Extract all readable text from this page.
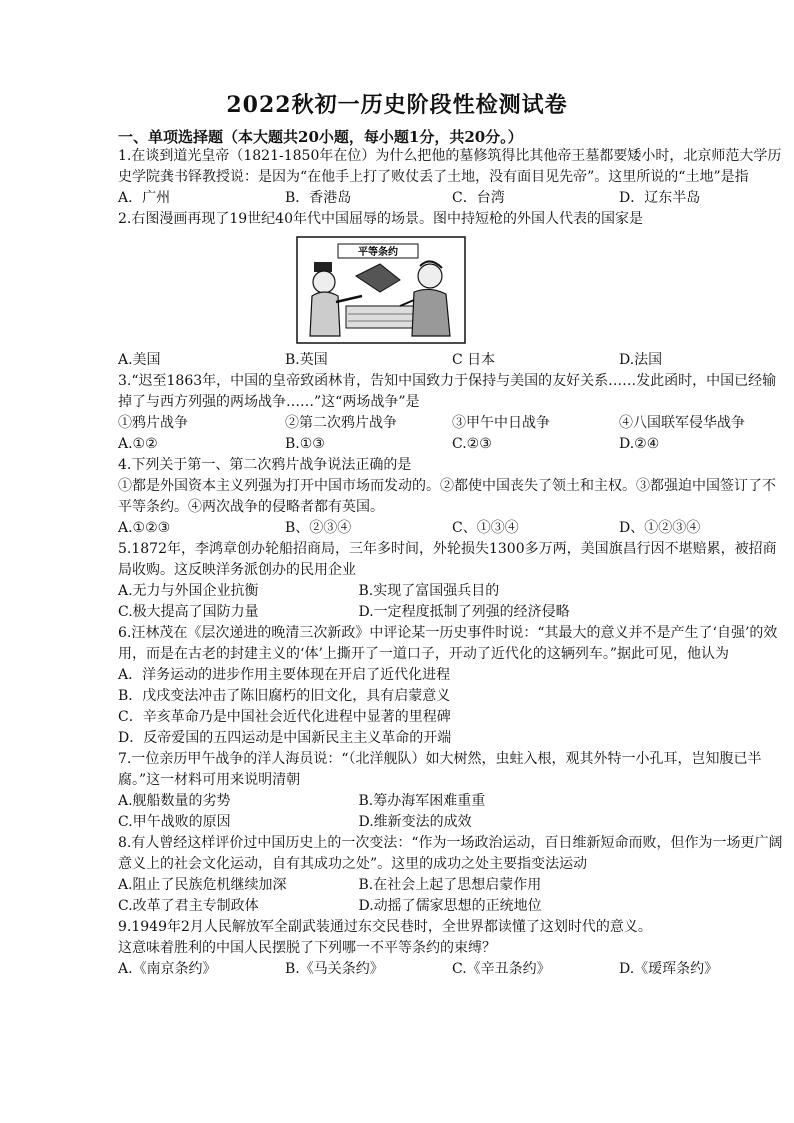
2022秋初一历史阶段性检测试卷
一、单项选择题（本大题共20小题，每小题1分，共20分。）

1.在谈到道光皇帝（1821-1850年在位）为什么把他的墓修筑得比其他帝王墓都要矮小时，北京师范大学历史学院龚书铎教授说：是因为“在他手上打了败仗丢了土地，没有面目见先帝”。这里所说的“土地”是指

A．广州	B．香港岛	C．台湾	D．辽东半岛

2.右图漫画再现了19世纪40年代中国屈辱的场景。图中持短枪的外国人代表的国家是

平等条约
A.美国	B.英国	C 日本	D.法国

3.“迟至1863年，中国的皇帝致函林肯，告知中国致力于保持与美国的友好关系……发此函时，中国已经输掉了与西方列强的两场战争……”这“两场战争”是

①鸦片战争	②第二次鸦片战争	③甲午中日战争	④八国联军侵华战争
A.①②	B.①③	C.②③	D.②④

4.下列关于第一、第二次鸦片战争说法正确的是

①都是外国资本主义列强为打开中国市场而发动的。②都使中国丧失了领土和主权。③都强迫中国签订了不平等条约。④两次战争的侵略者都有英国。

A.①②③	B、②③④	C、①③④	D、①②③④

5.1872年，李鸿章创办轮船招商局，三年多时间，外轮损失1300多万两，美国旗昌行因不堪赔累，被招商局收购。这反映洋务派创办的民用企业

A.无力与外国企业抗衡	B.实现了富国强兵目的
C.极大提高了国防力量	D.一定程度抵制了列强的经济侵略

6.汪林茂在《层次递进的晚清三次新政》中评论某一历史事件时说：“其最大的意义并不是产生了‘自强’的效用，而是在古老的封建主义的‘体’上撕开了一道口子，开动了近代化的这辆列车。”据此可见，他认为

A．洋务运动的进步作用主要体现在开启了近代化进程

B．戊戌变法冲击了陈旧腐朽的旧文化，具有启蒙意义

C．辛亥革命乃是中国社会近代化进程中显著的里程碑

D．反帝爱国的五四运动是中国新民主主义革命的开端

7.一位亲历甲午战争的洋人海员说：“（北洋舰队）如大树然，虫蛀入根，观其外特一小孔耳，岂知腹已半腐。”这一材料可用来说明清朝

A.舰船数量的劣势	B.筹办海军困难重重
C.甲午战败的原因	D.维新变法的成效

8.有人曾经这样评价过中国历史上的一次变法：“作为一场政治运动，百日维新短命而败，但作为一场更广阔意义上的社会文化运动，自有其成功之处”。这里的成功之处主要指变法运动

A.阻止了民族危机继续加深	B.在社会上起了思想启蒙作用
C.改革了君主专制政体	D.动摇了儒家思想的正统地位

9.1949年2月人民解放军全副武装通过东交民巷时，全世界都读懂了这划时代的意义。

这意味着胜利的中国人民摆脱了下列哪一不平等条约的束缚？

A.《南京条约》	B.《马关条约》	C.《辛丑条约》	D.《瑷珲条约》
